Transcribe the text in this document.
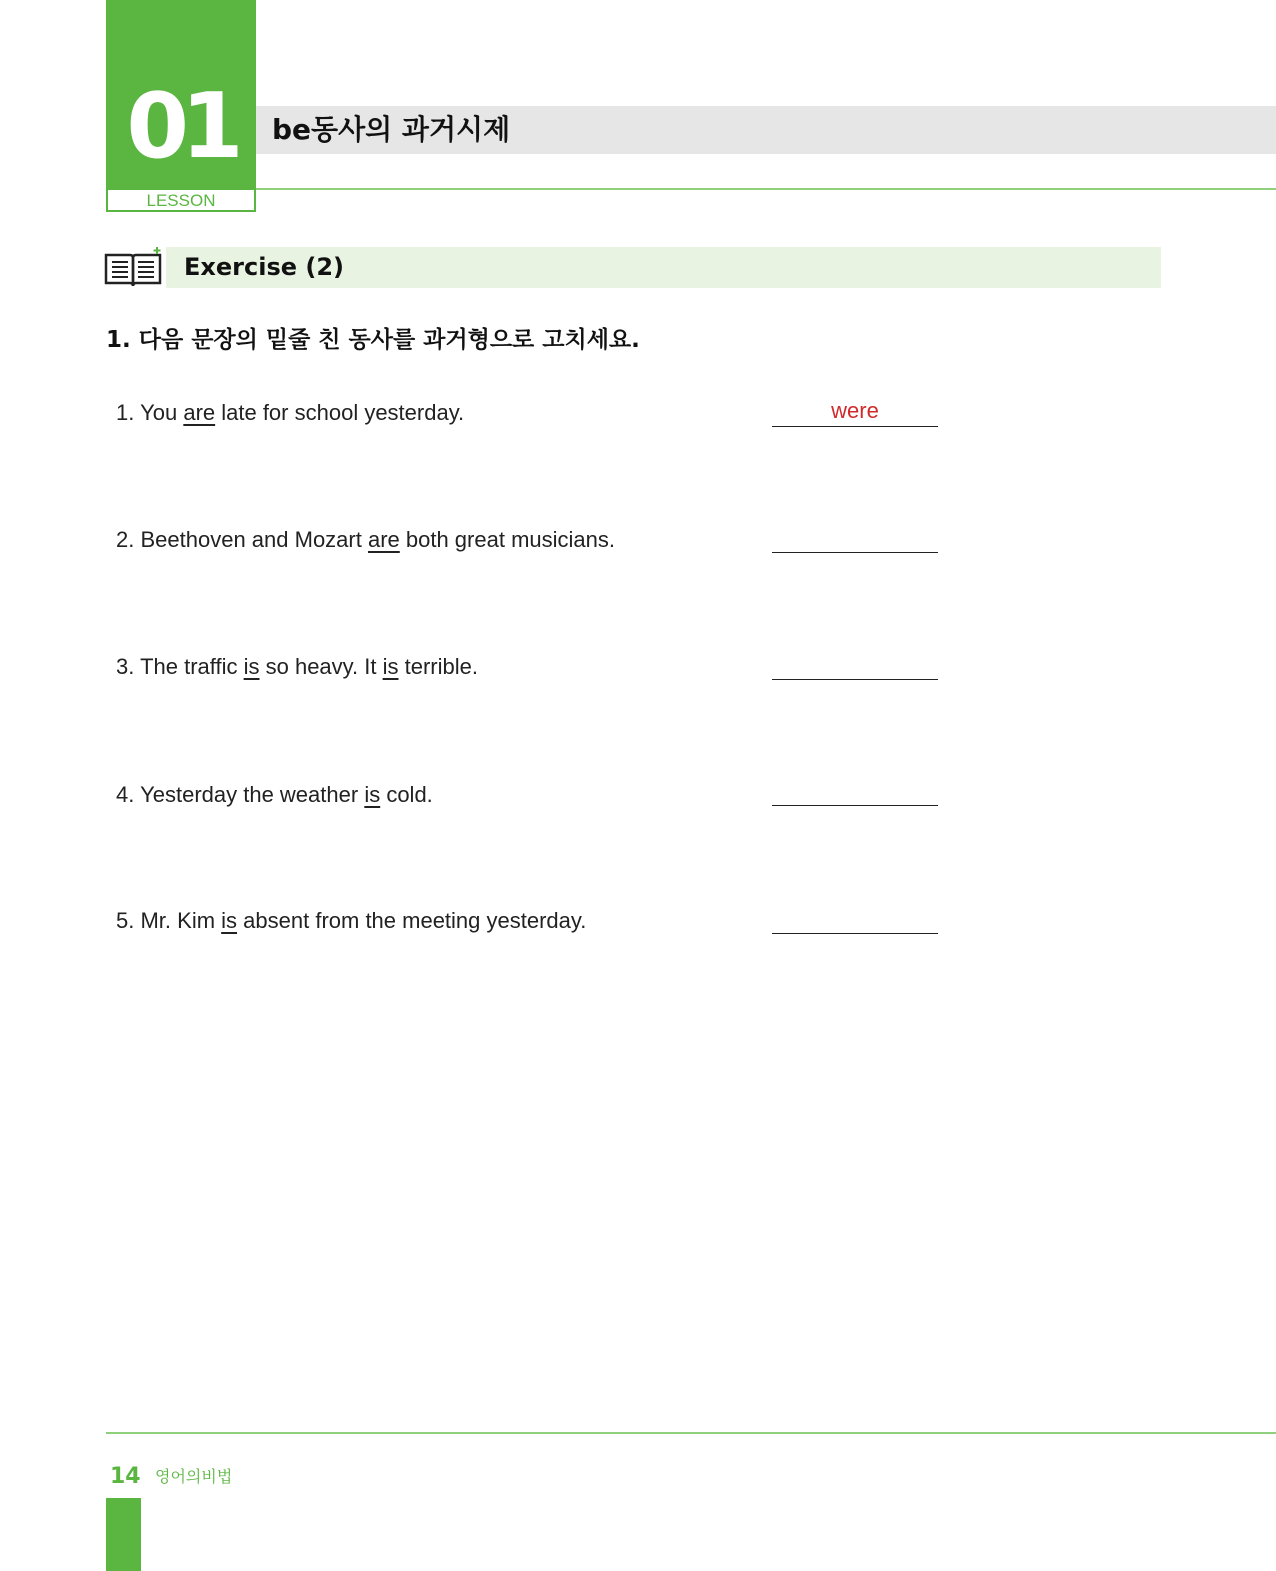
01
LESSON
be동사의 과거시제
Exercise (2)
1. 다음 문장의 밑줄 친 동사를 과거형으로 고치세요.
1. You are late for school yesterday.	were
2. Beethoven and Mozart are both great musicians.
3. The traffic is so heavy. It is terrible.
4. Yesterday the weather is cold.
5. Mr. Kim is absent from the meeting yesterday.
14 영어의비법
